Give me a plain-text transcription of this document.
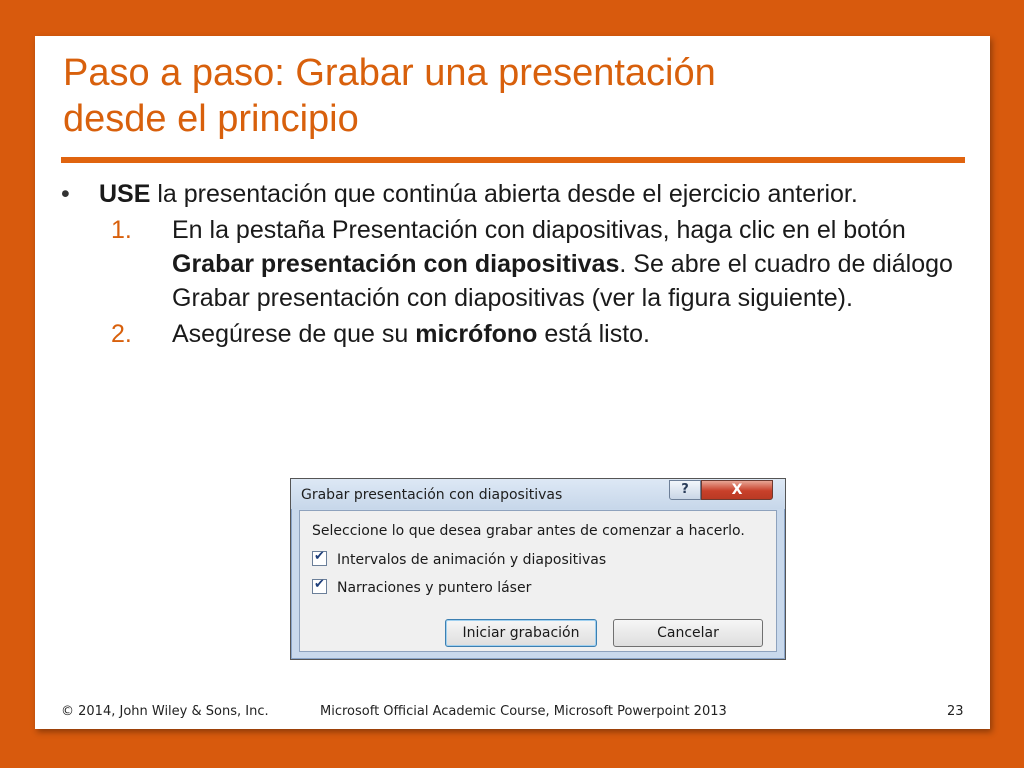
Paso a paso: Grabar una presentación
desde el principio
• USE la presentación que continúa abierta desde el ejercicio anterior.
1. En la pestaña Presentación con diapositivas, haga clic en el botón Grabar presentación con diapositivas. Se abre el cuadro de diálogo Grabar presentación con diapositivas (ver la figura siguiente).
2. Asegúrese de que su micrófono está listo.
Grabar presentación con diapositivas	?	X
Seleccione lo que desea grabar antes de comenzar a hacerlo.
✔ Intervalos de animación y diapositivas
✔ Narraciones y puntero láser
Iniciar grabación	Cancelar
© 2014, John Wiley & Sons, Inc.	Microsoft Official Academic Course, Microsoft Powerpoint 2013	23
